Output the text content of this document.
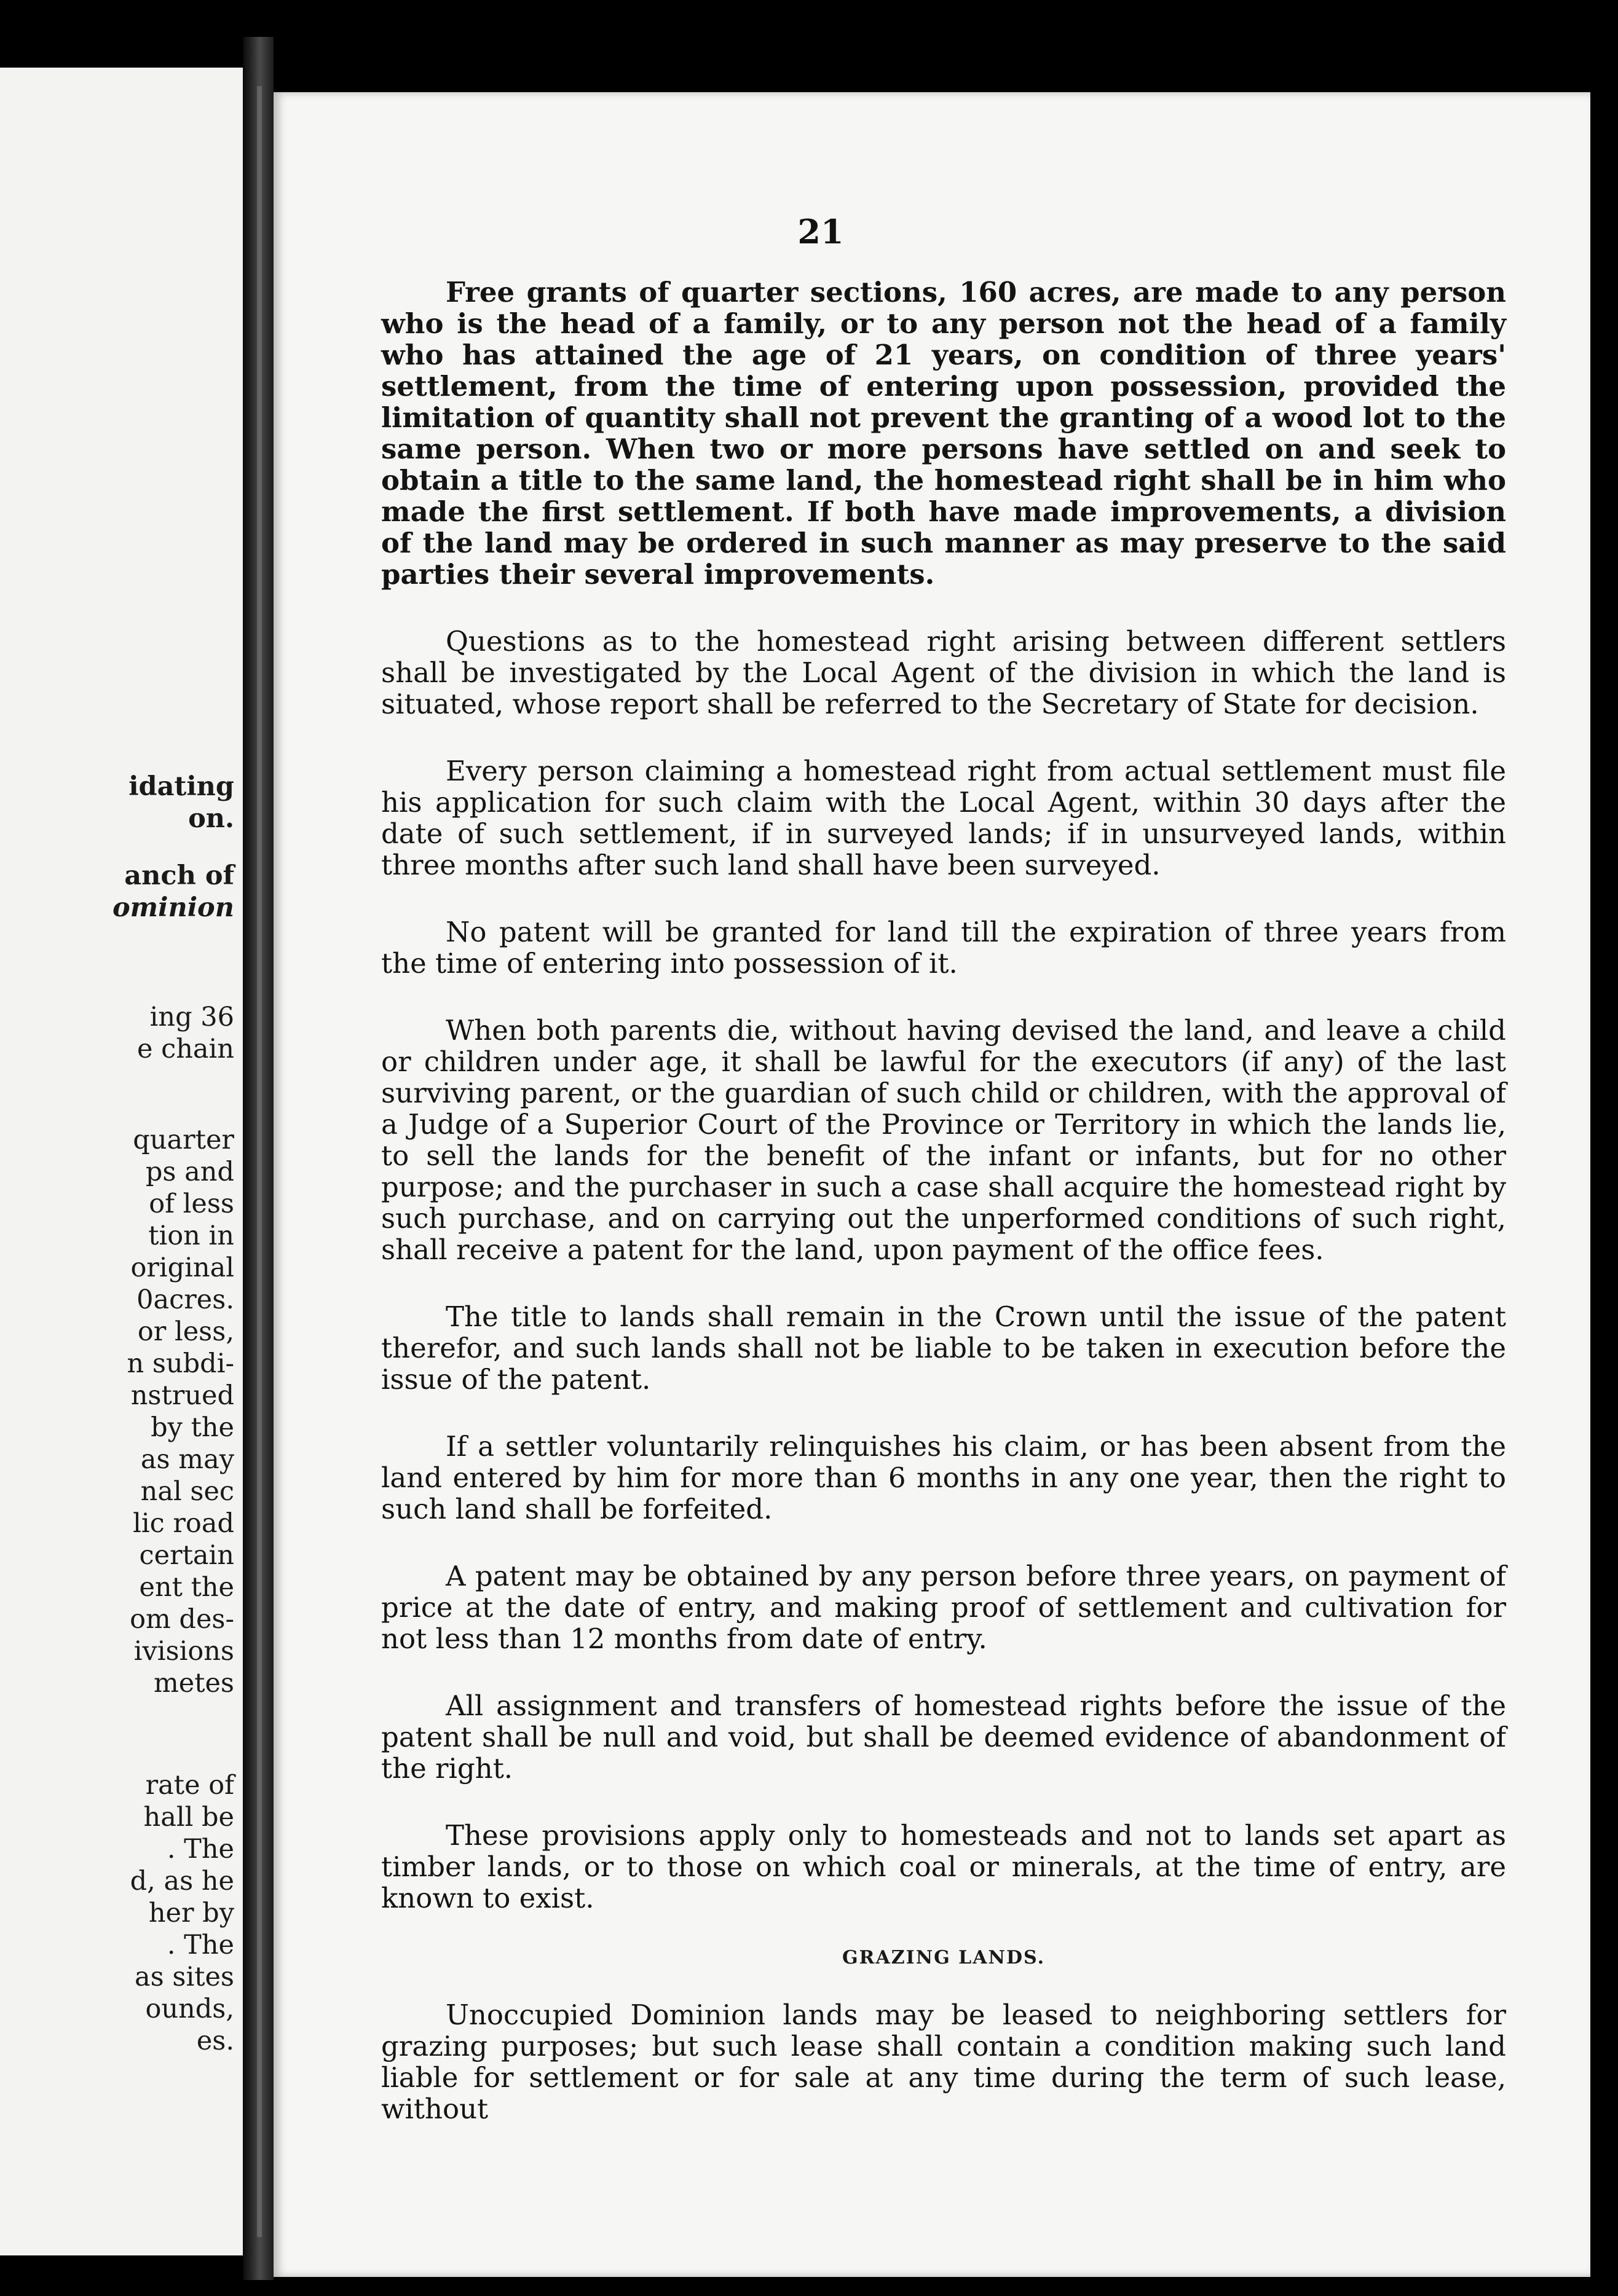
idating
on.
anch of
ominion
ing 36
e chain
quarter
ps and
of less
tion in
original
0acres.
or less,
n subdi-
nstrued
by the
as may
nal sec
lic road
certain
ent the
om des-
ivisions
metes
rate of
hall be
. The
d, as he
her by
. The
as sites
ounds,
es.
21

Free grants of quarter sections, 160 acres, are made to any person who is the head of a family, or to any person not the head of a family who has attained the age of 21 years, on condition of three years' settlement, from the time of entering upon possession, provided the limitation of quantity shall not prevent the granting of a wood lot to the same person. When two or more persons have settled on and seek to obtain a title to the same land, the homestead right shall be in him who made the first settlement. If both have made improvements, a division of the land may be ordered in such manner as may preserve to the said parties their several improvements.

Questions as to the homestead right arising between different settlers shall be investigated by the Local Agent of the division in which the land is situated, whose report shall be referred to the Secretary of State for decision.

Every person claiming a homestead right from actual settlement must file his application for such claim with the Local Agent, within 30 days after the date of such settlement, if in surveyed lands; if in unsurveyed lands, within three months after such land shall have been surveyed.

No patent will be granted for land till the expiration of three years from the time of entering into possession of it.

When both parents die, without having devised the land, and leave a child or children under age, it shall be lawful for the executors (if any) of the last surviving parent, or the guardian of such child or children, with the approval of a Judge of a Superior Court of the Province or Territory in which the lands lie, to sell the lands for the benefit of the infant or infants, but for no other purpose; and the purchaser in such a case shall acquire the homestead right by such purchase, and on carrying out the unperformed conditions of such right, shall receive a patent for the land, upon payment of the office fees.

The title to lands shall remain in the Crown until the issue of the patent therefor, and such lands shall not be liable to be taken in execution before the issue of the patent.

If a settler voluntarily relinquishes his claim, or has been absent from the land entered by him for more than 6 months in any one year, then the right to such land shall be forfeited.

A patent may be obtained by any person before three years, on payment of price at the date of entry, and making proof of settlement and cultivation for not less than 12 months from date of entry.

All assignment and transfers of homestead rights before the issue of the patent shall be null and void, but shall be deemed evidence of abandonment of the right.

These provisions apply only to homesteads and not to lands set apart as timber lands, or to those on which coal or minerals, at the time of entry, are known to exist.

GRAZING LANDS.

Unoccupied Dominion lands may be leased to neighboring settlers for grazing purposes; but such lease shall contain a condition making such land liable for settlement or for sale at any time during the term of such lease, without
